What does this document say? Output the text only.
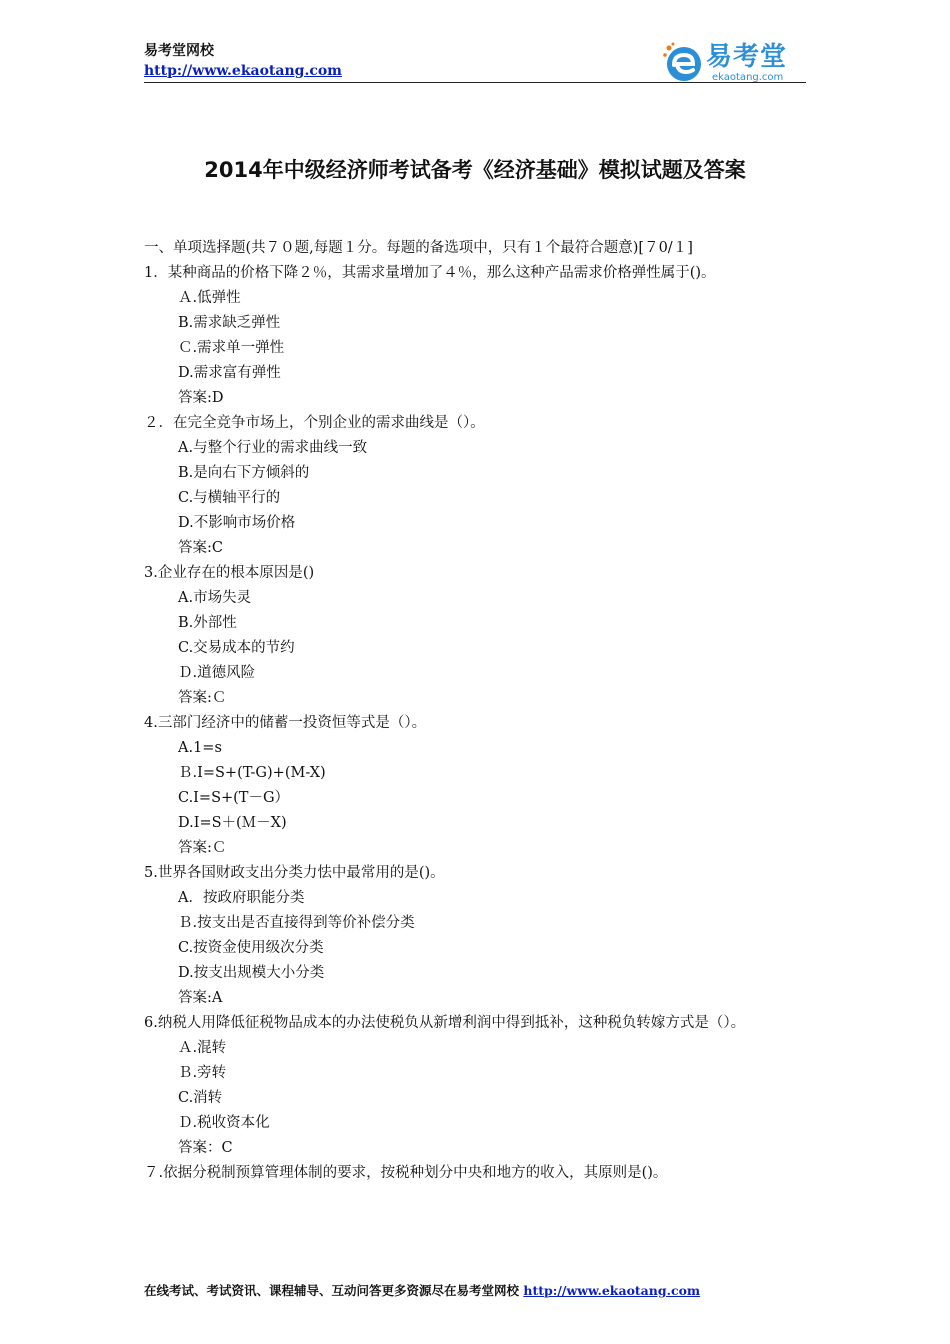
易考堂网校
http://www.ekaotang.com	易考堂
ekaotang.com
2014年中级经济师考试备考《经济基础》模拟试题及答案
一、单项选择题(共７０题,每题１分。每题的备选项中，只有１个最符合题意)[７0/１]
1．某种商品的价格下降２％，其需求量增加了４％，那么这种产品需求价格弹性属于()。
Ａ.低弹性
B.需求缺乏弹性
Ｃ.需求单一弹性
D.需求富有弹性
答案:D
２．在完全竞争市场上，个别企业的需求曲线是（）。
A.与整个行业的需求曲线一致
B.是向右下方倾斜的
C.与横轴平行的
D.不影响市场价格
答案:C
3.企业存在的根本原因是()
A.市场失灵
B.外部性
C.交易成本的节约
Ｄ.道德风险
答案:Ｃ
4.三部门经济中的储蓄一投资恒等式是（）。
A.1=s
Ｂ.I=S+(T-G)+(M-X)
C.I=S+(T－G）
D.I=S＋(Ｍ－X)
答案:Ｃ
5.世界各国财政支出分类力怯中最常用的是()。
A．按政府职能分类
Ｂ.按支出是否直接得到等价补偿分类
C.按资金使用级次分类
D.按支出规模大小分类
答案:A
6.纳税人用降低征税物品成本的办法使税负从新增利润中得到抵补，这种税负转嫁方式是（）。
Ａ.混转
Ｂ.旁转
C.消转
Ｄ.税收资本化
答案：C
７.依据分税制预算管理体制的要求，按税种划分中央和地方的收入，其原则是()。
在线考试、考试资讯、课程辅导、互动问答更多资源尽在易考堂网校 http://www.ekaotang.com
